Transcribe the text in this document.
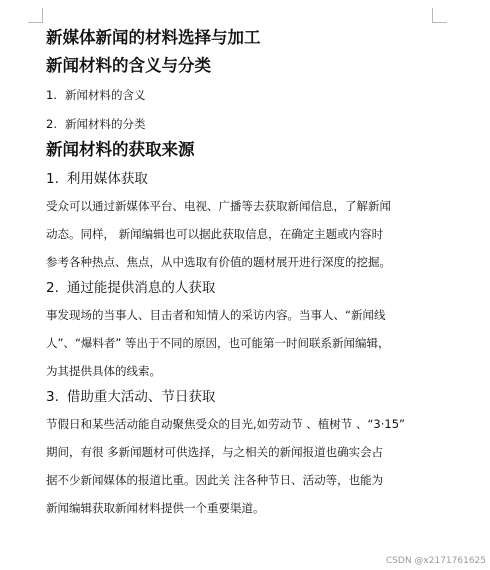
新媒体新闻的材料选择与加工
新闻材料的含义与分类
1. 新闻材料的含义
2. 新闻材料的分类
新闻材料的获取来源
1. 利用媒体获取
受众可以通过新媒体平台、电视、广播等去获取新闻信息，了解新闻
动态。同样， 新闻编辑也可以据此获取信息，在确定主题或内容时
参考各种热点、焦点，从中选取有价值的题材展开进行深度的挖掘。
2. 通过能提供消息的人获取
事发现场的当事人、目击者和知情人的采访内容。当事人、“新闻线
人”、“爆料者” 等出于不同的原因，也可能第一时间联系新闻编辑，
为其提供具体的线索。
3. 借助重大活动、节日获取
节假日和某些活动能自动聚焦受众的目光,如劳动节 、植树节 、“3·15”
期间，有很 多新闻题材可供选择，与之相关的新闻报道也确实会占
据不少新闻媒体的报道比重。因此关 注各种节日、活动等，也能为
新闻编辑获取新闻材料提供一个重要渠道。
CSDN @x2171761625
